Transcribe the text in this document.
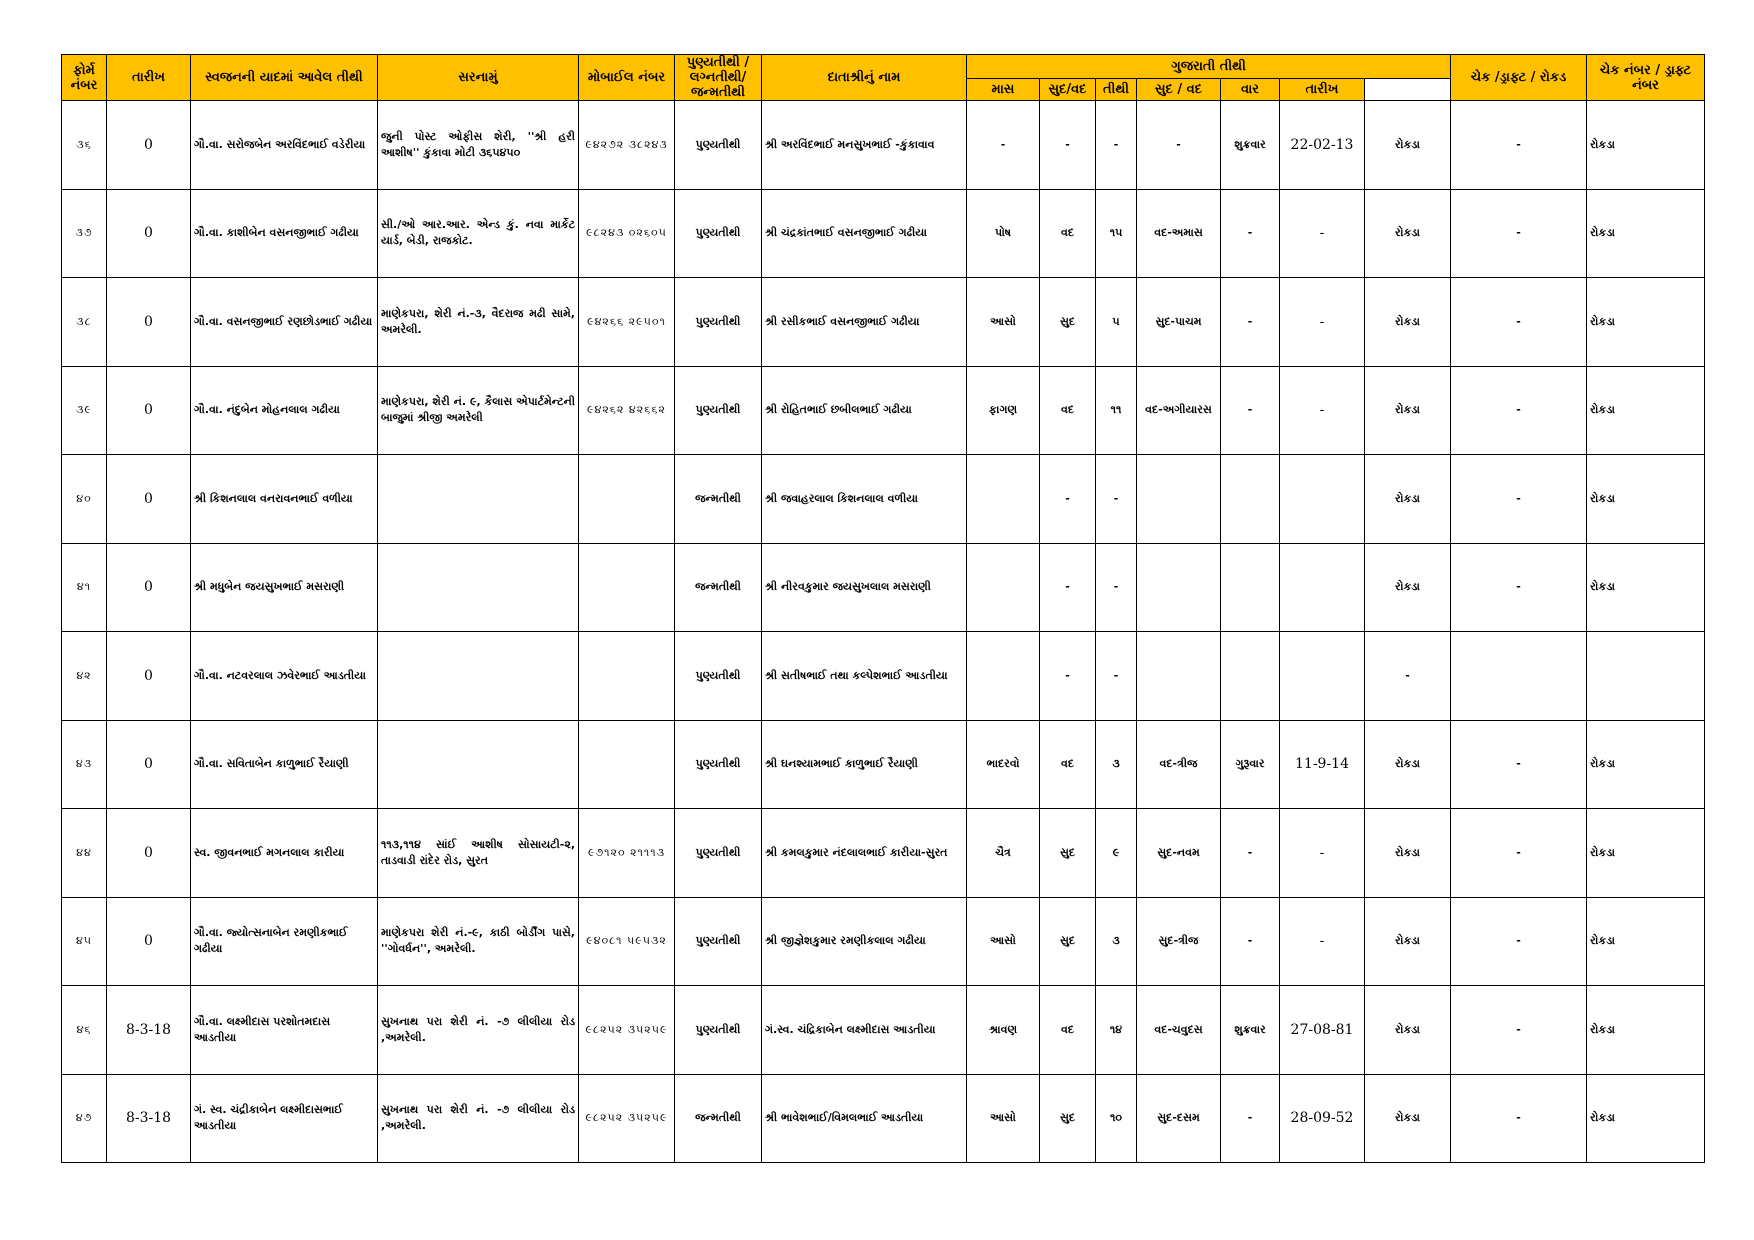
ફોર્મ નંબર	તારીખ	સ્વજનની યાદમાં આવેલ તીથી	સરનામું	મોબાઈલ નંબર	પુણ્યતીથી / લગ્નતીથી/ જન્મતીથી	દાતાશ્રીનું નામ	ગુજરાતી તીથી							ચેક /ડ્રાફ્ટ / રોકડ	ચેક નંબર / ડ્રાફ્ટ નંબર	
							માસ	સુદ/વદ	તીથી	સુદ / વદ	વાર	તારીખ				
૩૬	0	ગૌ.વા. સરોજબેન અરવિંદભાઈ વડેરીયા	જુની પોસ્ટ ઓફીસ શેરી, ''શ્રી હરી આશીષ'' કુંકાવા મોટી ૩૬૫૪૫૦	૯૪૨૭૨ ૩૮૨૪૩	પુણ્યતીથી	શ્રી અરવિંદભાઈ મનસુખભાઈ -કુંકાવાવ	-	-	-	-	શુક્રવાર	22-02-13	રોકડા	-	રોકડા	
૩૭	0	ગૌ.વા. કાશીબેન વસનજીભાઈ ગઢીયા	સી./ઓ આર.આર. એન્ડ કું. નવા માર્કેટ યાર્ડ, બેડી, રાજકોટ.	૯૮૨૪૩ ૦૨૬૦૫	પુણ્યતીથી	શ્રી ચંદ્રકાંતભાઈ વસનજીભાઈ ગઢીયા	પોષ	વદ	૧૫	વદ-અમાસ	-	-	રોકડા	-	રોકડા	
૩૮	0	ગૌ.વા. વસનજીભાઈ રણછોડભાઈ ગઢીયા	માણેકપરા, શેરી નં.-૩, વૈદરાજ મઢી સામે, અમરેલી.	૯૪૨૬૬ ૨૯૫૦૧	પુણ્યતીથી	શ્રી રસીકભાઈ વસનજીભાઈ ગઢીયા	આસો	સુદ	૫	સુદ-પાચમ	-	-	રોકડા	-	રોકડા	
૩૯	0	ગૌ.વા. નંદુબેન મોહનલાલ ગઢીયા	માણેકપરા, શેરી નં. ૯, કૈલાસ એપાર્ટમેન્ટની બાજુમાં શ્રીજી અમરેલી	૯૪૨૬૨ ૪૨૬૬૨	પુણ્યતીથી	શ્રી રોહિતભાઈ છબીલભાઈ ગઢીયા	ફાગણ	વદ	૧૧	વદ-અગીયારસ	-	-	રોકડા	-	રોકડા	
૪૦	0	શ્રી કિશનલાલ વનરાવનભાઈ વળીયા			જન્મતીથી	શ્રી જવાહરલાલ કિશનલાલ વળીયા		-	-				રોકડા	-	રોકડા	
૪૧	0	શ્રી મધુબેન જયસુખભાઈ મસરાણી			જન્મતીથી	શ્રી નીરવકુમાર જયસુખલાલ મસરાણી		-	-				રોકડા	-	રોકડા	
૪૨	0	ગૌ.વા. નટવરલાલ ઝવેરભાઈ આડતીયા			પુણ્યતીથી	શ્રી સતીષભાઈ તથા કલ્પેશભાઈ આડતીયા		-	-				-			
૪૩	0	ગૌ.વા. સવિતાબેન કાળુભાઈ રૈયાણી			પુણ્યતીથી	શ્રી ઘનશ્યામભાઈ કાળુભાઈ રૈયાણી	ભાદરવો	વદ	૩	વદ-ત્રીજ	ગુરૂવાર	11-9-14	રોકડા	-	રોકડા	
૪૪	0	સ્વ. જીવનભાઈ મગનલાલ કારીયા	૧૧૩,૧૧૪ સાંઈ આશીષ સોસાયટી-૨, તાડવાડી રાંદેર રોડ, સુરત	૯૭૧૨૦ ૨૧૧૧૩	પુણ્યતીથી	શ્રી કમલકુમાર નંદલાલભાઈ કારીયા-સુરત	ચૈત્ર	સુદ	૯	સુદ-નવમ	-	-	રોકડા	-	રોકડા	
૪૫	0	ગૌ.વા. જ્યોત્સનાબેન રમણીકભાઈ ગઢીયા	માણેકપરા શેરી નં.-૯, કાઠી બોર્ડીંગ પાસે, ''ગોવર્ધન'', અમરેલી.	૯૪૦૮૧ ૫૯૫૩૨	પુણ્યતીથી	શ્રી જીજ્ઞેશકુમાર રમણીકલાલ ગઢીયા	આસો	સુદ	૩	સુદ-ત્રીજ	-	-	રોકડા	-	રોકડા	
૪૬	8-3-18	ગૌ.વા. લક્ષ્મીદાસ પરશોતમદાસ આડતીયા	સુખનાથ પરા શેરી નં. -૭ લીલીયા રોડ ,અમરેલી.	૯૮૨૫૨ ૩૫૨૫૯	પુણ્યતીથી	ગં.સ્વ. ચંદ્રિકાબેન લક્ષ્મીદાસ આડતીયા	શ્રાવણ	વદ	૧૪	વદ-ચવુદસ	શુક્રવાર	27-08-81	રોકડા	-	રોકડા	
૪૭	8-3-18	ગં. સ્વ. ચંદ્રીકાબેન લક્ષ્મીદાસભાઈ આડતીયા	સુખનાથ પરા શેરી નં. -૭ લીલીયા રોડ ,અમરેલી.	૯૮૨૫૨ ૩૫૨૫૯	જન્મતીથી	શ્રી ભાવેશભાઈ/વિમલભાઈ આડતીયા	આસો	સુદ	૧૦	સુદ-દસમ	-	28-09-52	રોકડા	-	રોકડા	
